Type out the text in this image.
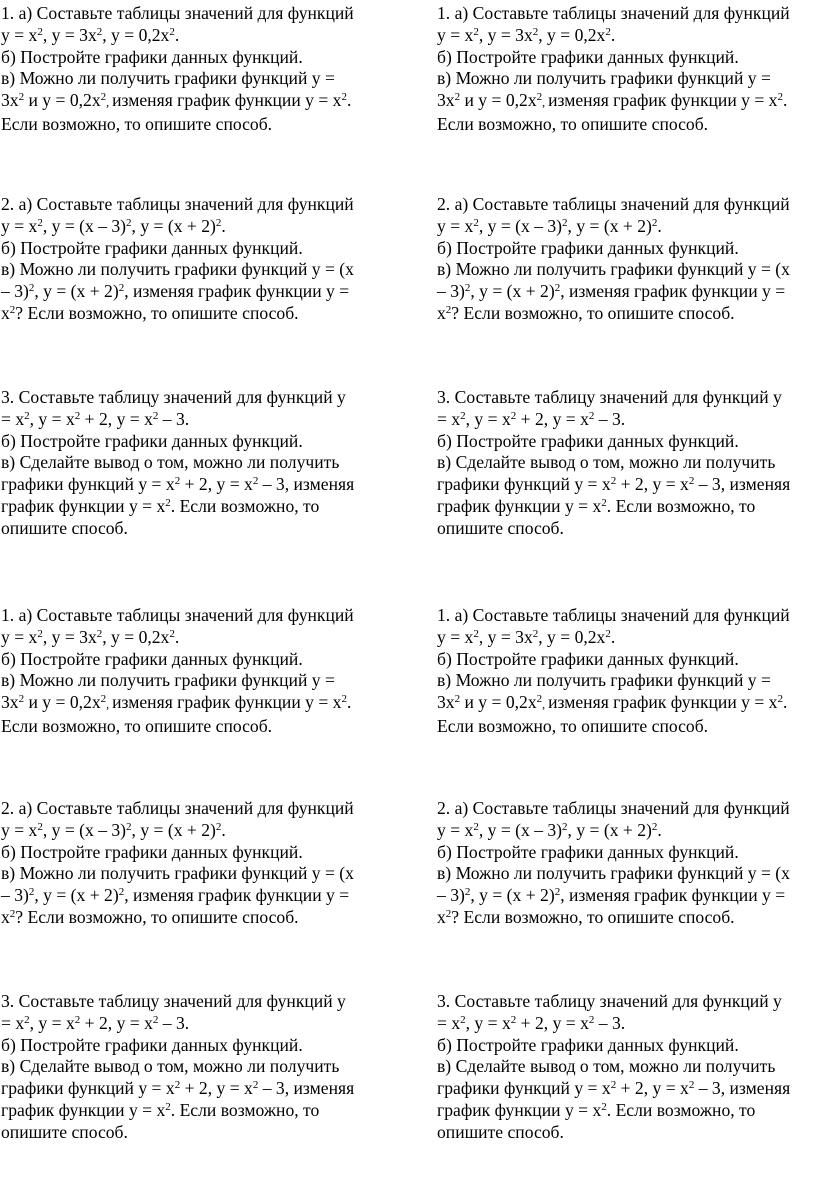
1. а) Составьте таблицы значений для функций

$y = x^2$, $y = 3x^2$, $y = 0,2x^2$.

б) Постройте графики данных функций.

в) Можно ли получить графики функций y =

$3x^2$ и $y = 0,2x^2$, изменяя график функции $y = x^2$.

Если возможно, то опишите способ.

1. а) Составьте таблицы значений для функций

$y = x^2$, $y = 3x^2$, $y = 0,2x^2$.

б) Постройте графики данных функций.

в) Можно ли получить графики функций y =

$3x^2$ и $y = 0,2x^2$, изменяя график функции $y = x^2$.

Если возможно, то опишите способ.

2. а) Составьте таблицы значений для функций

$y = x^2$, y = (x – 3)$^2$, $y = (x + 2)^2$.

б) Постройте графики данных функций.

в) Можно ли получить графики функций y = (x

– 3)$^2$, $y = (x + 2)^2$, изменяя график функции y =

$x^2$? Если возможно, то опишите способ.

2. а) Составьте таблицы значений для функций

$y = x^2$, y = (x – 3)$^2$, $y = (x + 2)^2$.

б) Постройте графики данных функций.

в) Можно ли получить графики функций y = (x

– 3)$^2$, $y = (x + 2)^2$, изменяя график функции y =

$x^2$? Если возможно, то опишите способ.

3. Составьте таблицу значений для функций y

= $x^2$, $y = x^2 + 2$, $y = x^2 - 3$.

б) Постройте графики данных функций.

в) Сделайте вывод о том, можно ли получить

графики функций $y = x^2 + 2$, $y = x^2 - 3$, изменяя

график функции $y = x^2$. Если возможно, то

опишите способ.

3. Составьте таблицу значений для функций y

= $x^2$, $y = x^2 + 2$, $y = x^2 - 3$.

б) Постройте графики данных функций.

в) Сделайте вывод о том, можно ли получить

графики функций $y = x^2 + 2$, $y = x^2 - 3$, изменяя

график функции $y = x^2$. Если возможно, то

опишите способ.

1. а) Составьте таблицы значений для функций

$y = x^2$, $y = 3x^2$, $y = 0,2x^2$.

б) Постройте графики данных функций.

в) Можно ли получить графики функций y =

$3x^2$ и $y = 0,2x^2$, изменяя график функции $y = x^2$.

Если возможно, то опишите способ.

1. а) Составьте таблицы значений для функций

$y = x^2$, $y = 3x^2$, $y = 0,2x^2$.

б) Постройте графики данных функций.

в) Можно ли получить графики функций y =

$3x^2$ и $y = 0,2x^2$, изменяя график функции $y = x^2$.

Если возможно, то опишите способ.

2. а) Составьте таблицы значений для функций

$y = x^2$, y = (x – 3)$^2$, $y = (x + 2)^2$.

б) Постройте графики данных функций.

в) Можно ли получить графики функций y = (x

– 3)$^2$, $y = (x + 2)^2$, изменяя график функции y =

$x^2$? Если возможно, то опишите способ.

2. а) Составьте таблицы значений для функций

$y = x^2$, y = (x – 3)$^2$, $y = (x + 2)^2$.

б) Постройте графики данных функций.

в) Можно ли получить графики функций y = (x

– 3)$^2$, $y = (x + 2)^2$, изменяя график функции y =

$x^2$? Если возможно, то опишите способ.

3. Составьте таблицу значений для функций y

= $x^2$, $y = x^2 + 2$, $y = x^2 - 3$.

б) Постройте графики данных функций.

в) Сделайте вывод о том, можно ли получить

графики функций $y = x^2 + 2$, $y = x^2 - 3$, изменяя

график функции $y = x^2$. Если возможно, то

опишите способ.

3. Составьте таблицу значений для функций y

= $x^2$, $y = x^2 + 2$, $y = x^2 - 3$.

б) Постройте графики данных функций.

в) Сделайте вывод о том, можно ли получить

графики функций $y = x^2 + 2$, $y = x^2 - 3$, изменяя

график функции $y = x^2$. Если возможно, то

опишите способ.
